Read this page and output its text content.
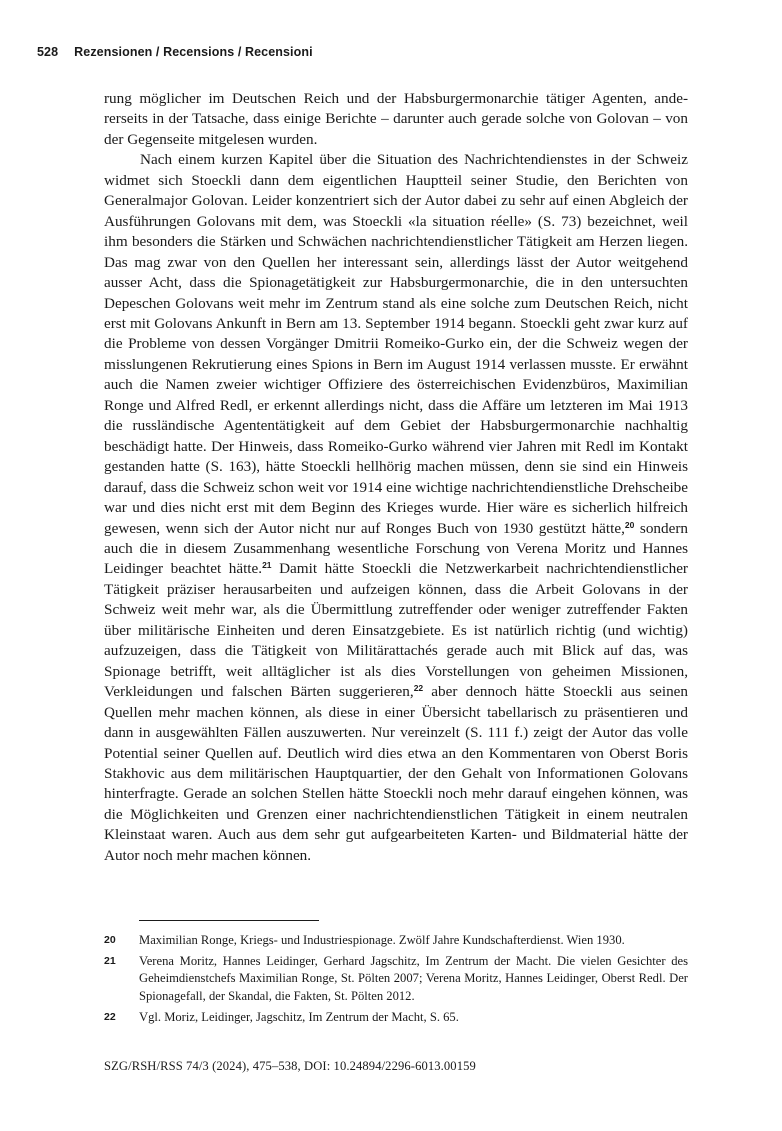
528 Rezensionen / Recensions / Recensioni

rung möglicher im Deutschen Reich und der Habsburgermonarchie tätiger Agenten, andererseits in der Tatsache, dass einige Berichte – darunter auch gerade solche von Golovan – von der Gegenseite mitgelesen wurden.

Nach einem kurzen Kapitel über die Situation des Nachrichtendienstes in der Schweiz widmet sich Stoeckli dann dem eigentlichen Hauptteil seiner Studie, den Berichten von Generalmajor Golovan. Leider konzentriert sich der Autor dabei zu sehr auf einen Abgleich der Ausführungen Golovans mit dem, was Stoeckli «la situation réelle» (S. 73) bezeichnet, weil ihm besonders die Stärken und Schwächen nachrichtendienstlicher Tätigkeit am Herzen liegen. Das mag zwar von den Quellen her interessant sein, allerdings lässt der Autor weitgehend ausser Acht, dass die Spionagetätigkeit zur Habsburgermonarchie, die in den untersuchten Depeschen Golovans weit mehr im Zentrum stand als eine solche zum Deutschen Reich, nicht erst mit Golovans Ankunft in Bern am 13. September 1914 begann. Stoeckli geht zwar kurz auf die Probleme von dessen Vorgänger Dmitrii Romeiko-Gurko ein, der die Schweiz wegen der misslungenen Rekrutierung eines Spions in Bern im August 1914 verlassen musste. Er erwähnt auch die Namen zweier wichtiger Offiziere des österreichischen Evidenzbüros, Maximilian Ronge und Alfred Redl, er erkennt allerdings nicht, dass die Affäre um letzteren im Mai 1913 die russländische Agententätigkeit auf dem Gebiet der Habsburgermonarchie nachhaltig beschädigt hatte. Der Hinweis, dass Romeiko-Gurko während vier Jahren mit Redl im Kontakt gestanden hatte (S. 163), hätte Stoeckli hellhörig machen müssen, denn sie sind ein Hinweis darauf, dass die Schweiz schon weit vor 1914 eine wichtige nachrichtendienstliche Drehscheibe war und dies nicht erst mit dem Beginn des Krieges wurde. Hier wäre es sicherlich hilfreich gewesen, wenn sich der Autor nicht nur auf Ronges Buch von 1930 gestützt hätte,$^{20}$ sondern auch die in diesem Zusammenhang wesentliche Forschung von Verena Moritz und Hannes Leidinger beachtet hätte.$^{21}$ Damit hätte Stoeckli die Netzwerkarbeit nachrichtendienstlicher Tätigkeit präziser herausarbeiten und aufzeigen können, dass die Arbeit Golovans in der Schweiz weit mehr war, als die Übermittlung zutreffender oder weniger zutreffender Fakten über militärische Einheiten und deren Einsatzgebiete. Es ist natürlich richtig (und wichtig) aufzuzeigen, dass die Tätigkeit von Militärattachés gerade auch mit Blick auf das, was Spionage betrifft, weit alltäglicher ist als dies Vorstellungen von geheimen Missionen, Verkleidungen und falschen Bärten suggerieren,$^{22}$ aber dennoch hätte Stoeckli aus seinen Quellen mehr machen können, als diese in einer Übersicht tabellarisch zu präsentieren und dann in ausgewählten Fällen auszuwerten. Nur vereinzelt (S. 111 f.) zeigt der Autor das volle Potential seiner Quellen auf. Deutlich wird dies etwa an den Kommentaren von Oberst Boris Stakhovic aus dem militärischen Hauptquartier, der den Gehalt von Informationen Golovans hinterfragte. Gerade an solchen Stellen hätte Stoeckli noch mehr darauf eingehen können, was die Möglichkeiten und Grenzen einer nachrichtendienstlichen Tätigkeit in einem neutralen Kleinstaat waren. Auch aus dem sehr gut aufgearbeiteten Karten- und Bildmaterial hätte der Autor noch mehr machen können.

20 Maximilian Ronge, Kriegs- und Industriespionage. Zwölf Jahre Kundschafterdienst. Wien 1930.
21 Verena Moritz, Hannes Leidinger, Gerhard Jagschitz, Im Zentrum der Macht. Die vielen Gesichter des Geheimdienstchefs Maximilian Ronge, St. Pölten 2007; Verena Moritz, Hannes Leidinger, Oberst Redl. Der Spionagefall, der Skandal, die Fakten, St. Pölten 2012.
22 Vgl. Moriz, Leidinger, Jagschitz, Im Zentrum der Macht, S. 65.
SZG/RSH/RSS 74/3 (2024), 475–538, DOI: 10.24894/2296-6013.00159
